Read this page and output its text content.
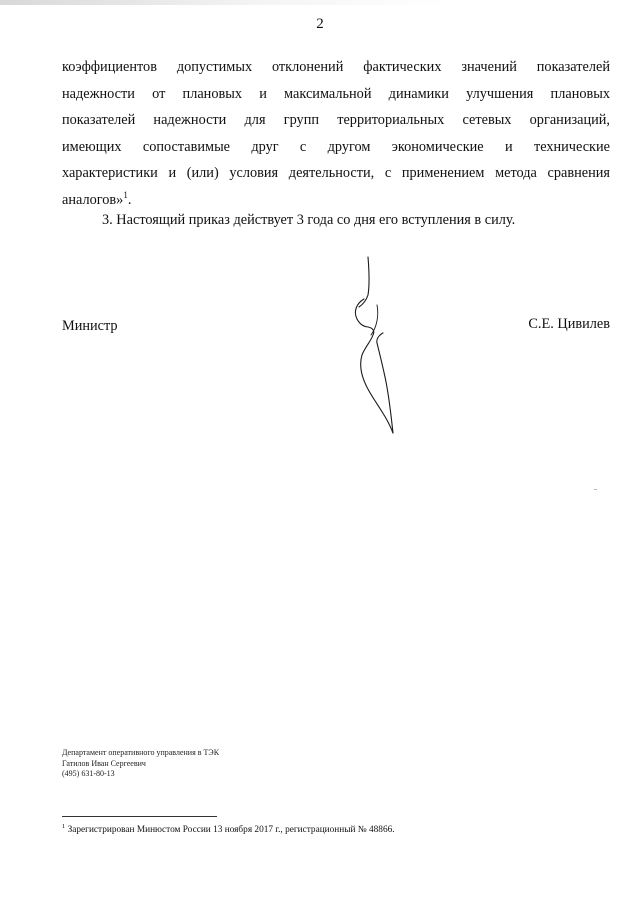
2
коэффициентов допустимых отклонений фактических значений показателей
надежности от плановых и максимальной динамики улучшения плановых
показателей надежности для групп территориальных сетевых организаций,
имеющих сопоставимые друг с другом экономические и технические
характеристики и (или) условия деятельности, с применением метода сравнения
аналогов»$^1$.
3. Настоящий приказ действует 3 года со дня его вступления в силу.
Министр	С.Е. Цивилев
Департамент оперативного управления в ТЭК
Гатилов Иван Сергеевич
(495) 631-80-13
$^1$ Зарегистрирован Минюстом России 13 ноября 2017 г., регистрационный № 48866.
